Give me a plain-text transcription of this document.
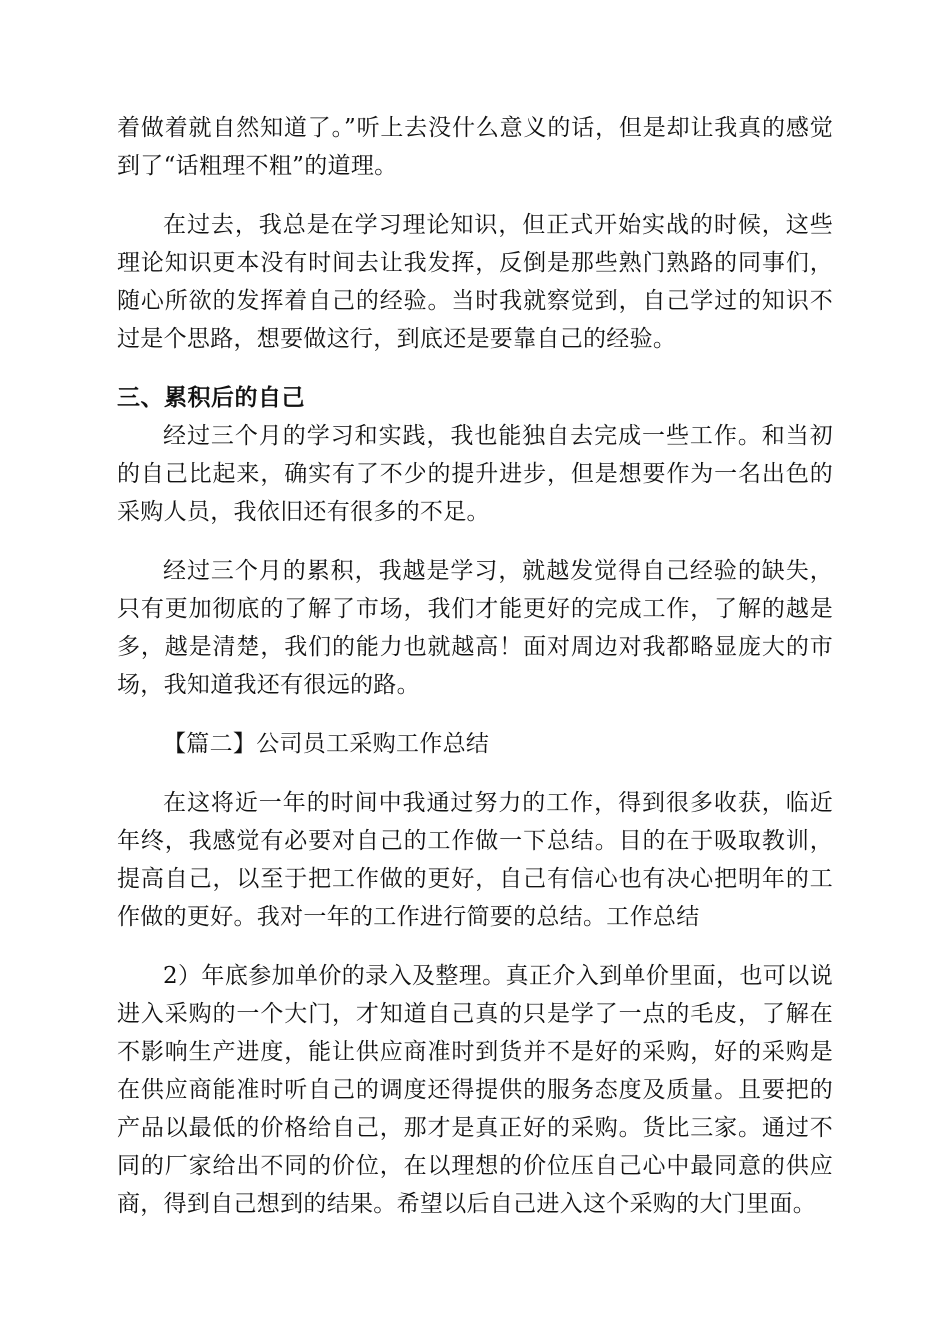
着做着就自然知道了。”听上去没什么意义的话，但是却让我真的感觉到了“话粗理不粗”的道理。

在过去，我总是在学习理论知识，但正式开始实战的时候，这些理论知识更本没有时间去让我发挥，反倒是那些熟门熟路的同事们，随心所欲的发挥着自己的经验。当时我就察觉到，自己学过的知识不过是个思路，想要做这行，到底还是要靠自己的经验。

三、累积后的自己

经过三个月的学习和实践，我也能独自去完成一些工作。和当初的自己比起来，确实有了不少的提升进步，但是想要作为一名出色的采购人员，我依旧还有很多的不足。

经过三个月的累积，我越是学习，就越发觉得自己经验的缺失，只有更加彻底的了解了市场，我们才能更好的完成工作，了解的越是多，越是清楚，我们的能力也就越高！面对周边对我都略显庞大的市场，我知道我还有很远的路。

【篇二】公司员工采购工作总结

在这将近一年的时间中我通过努力的工作，得到很多收获，临近年终，我感觉有必要对自己的工作做一下总结。目的在于吸取教训，提高自己，以至于把工作做的更好，自己有信心也有决心把明年的工作做的更好。我对一年的工作进行简要的总结。工作总结

2）年底参加单价的录入及整理。真正介入到单价里面，也可以说进入采购的一个大门，才知道自己真的只是学了一点的毛皮，了解在不影响生产进度，能让供应商准时到货并不是好的采购，好的采购是在供应商能准时听自己的调度还得提供的服务态度及质量。且要把的产品以最低的价格给自己，那才是真正好的采购。货比三家。通过不同的厂家给出不同的价位，在以理想的价位压自己心中最同意的供应商，得到自己想到的结果。希望以后自己进入这个采购的大门里面。
